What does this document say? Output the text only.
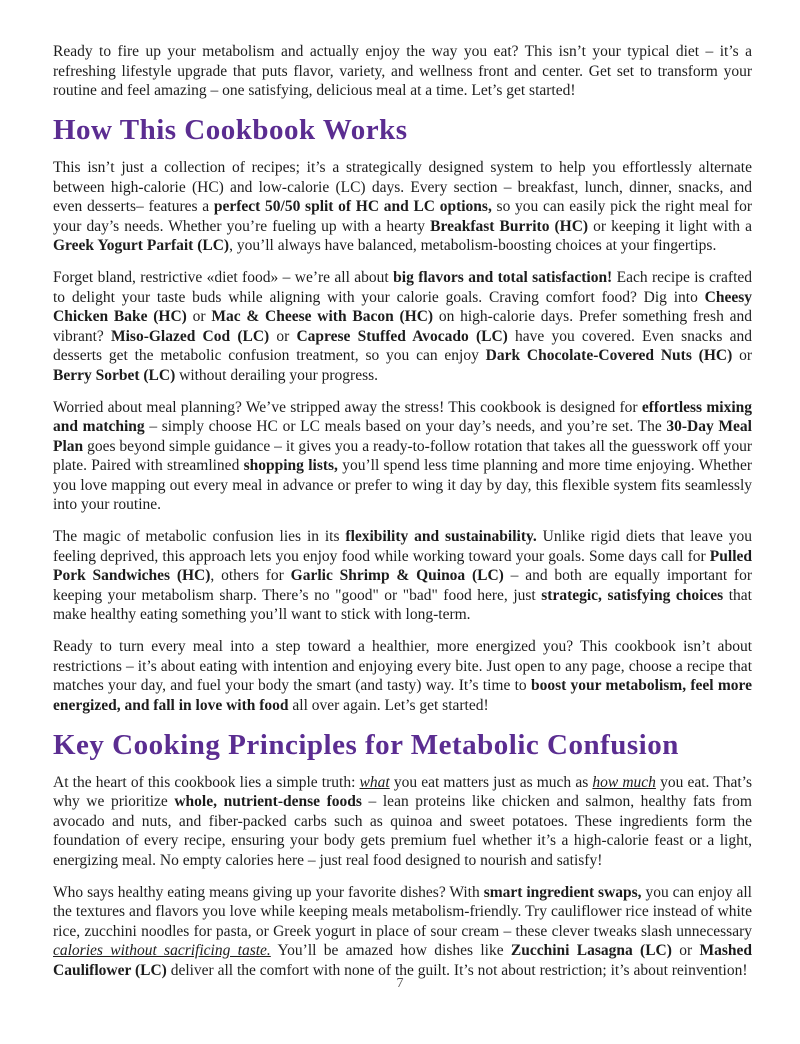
Ready to fire up your metabolism and actually enjoy the way you eat? This isn’t your typical diet – it’s a refreshing lifestyle upgrade that puts flavor, variety, and wellness front and center. Get set to transform your routine and feel amazing – one satisfying, delicious meal at a time. Let’s get started!

How This Cookbook Works

This isn’t just a collection of recipes; it’s a strategically designed system to help you effortlessly alternate between high-calorie (HC) and low-calorie (LC) days. Every section – breakfast, lunch, dinner, snacks, and even desserts– features a perfect 50/50 split of HC and LC options, so you can easily pick the right meal for your day’s needs. Whether you’re fueling up with a hearty Breakfast Burrito (HC) or keeping it light with a Greek Yogurt Parfait (LC), you’ll always have balanced, metabolism-boosting choices at your fingertips.

Forget bland, restrictive «diet food» – we’re all about big flavors and total satisfaction! Each recipe is crafted to delight your taste buds while aligning with your calorie goals. Craving comfort food? Dig into Cheesy Chicken Bake (HC) or Mac & Cheese with Bacon (HC) on high-calorie days. Prefer something fresh and vibrant? Miso-Glazed Cod (LC) or Caprese Stuffed Avocado (LC) have you covered. Even snacks and desserts get the metabolic confusion treatment, so you can enjoy Dark Chocolate-Covered Nuts (HC) or Berry Sorbet (LC) without derailing your progress.

Worried about meal planning? We’ve stripped away the stress! This cookbook is designed for effortless mixing and matching – simply choose HC or LC meals based on your day’s needs, and you’re set. The 30-Day Meal Plan goes beyond simple guidance – it gives you a ready-to-follow rotation that takes all the guesswork off your plate. Paired with streamlined shopping lists, you’ll spend less time planning and more time enjoying. Whether you love mapping out every meal in advance or prefer to wing it day by day, this flexible system fits seamlessly into your routine.

The magic of metabolic confusion lies in its flexibility and sustainability. Unlike rigid diets that leave you feeling deprived, this approach lets you enjoy food while working toward your goals. Some days call for Pulled Pork Sandwiches (HC), others for Garlic Shrimp & Quinoa (LC) – and both are equally important for keeping your metabolism sharp. There’s no "good" or "bad" food here, just strategic, satisfying choices that make healthy eating something you’ll want to stick with long-term.

Ready to turn every meal into a step toward a healthier, more energized you? This cookbook isn’t about restrictions – it’s about eating with intention and enjoying every bite. Just open to any page, choose a recipe that matches your day, and fuel your body the smart (and tasty) way. It’s time to boost your metabolism, feel more energized, and fall in love with food all over again. Let’s get started!

Key Cooking Principles for Metabolic Confusion

At the heart of this cookbook lies a simple truth: what you eat matters just as much as how much you eat. That’s why we prioritize whole, nutrient-dense foods – lean proteins like chicken and salmon, healthy fats from avocado and nuts, and fiber-packed carbs such as quinoa and sweet potatoes. These ingredients form the foundation of every recipe, ensuring your body gets premium fuel whether it’s a high-calorie feast or a light, energizing meal. No empty calories here – just real food designed to nourish and satisfy!

Who says healthy eating means giving up your favorite dishes? With smart ingredient swaps, you can enjoy all the textures and flavors you love while keeping meals metabolism-friendly. Try cauliflower rice instead of white rice, zucchini noodles for pasta, or Greek yogurt in place of sour cream – these clever tweaks slash unnecessary calories without sacrificing taste. You’ll be amazed how dishes like Zucchini Lasagna (LC) or Mashed Cauliflower (LC) deliver all the comfort with none of the guilt. It’s not about restriction; it’s about reinvention!

7
